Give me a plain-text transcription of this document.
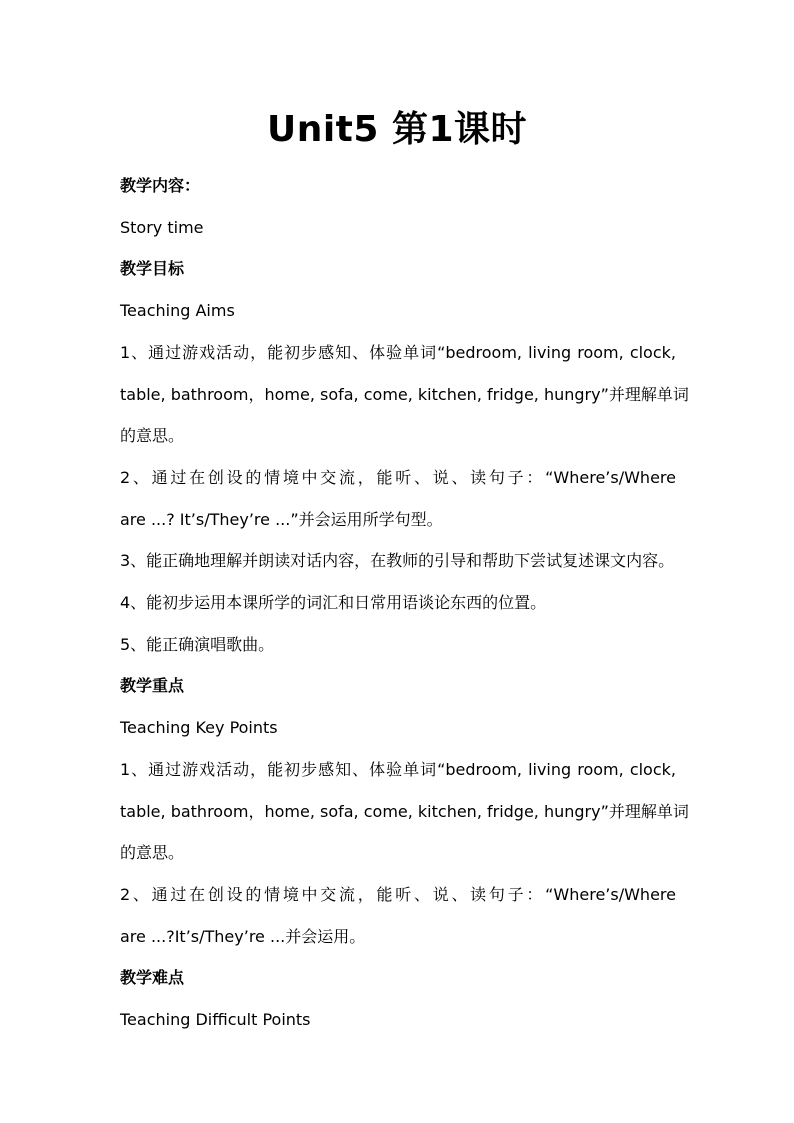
Unit5 第1课时

教学内容：

Story time

教学目标

Teaching Aims

1、通过游戏活动，能初步感知、体验单词“bedroom, living room, clock,

table, bathroom，home, sofa, come, kitchen, fridge, hungry”并理解单词

的意思。

2、通过在创设的情境中交流，能听、说、读句子：“Where’s/Where

are ...? It’s/They’re ...”并会运用所学句型。

3、能正确地理解并朗读对话内容，在教师的引导和帮助下尝试复述课文内容。

4、能初步运用本课所学的词汇和日常用语谈论东西的位置。

5、能正确演唱歌曲。

教学重点

Teaching Key Points

1、通过游戏活动，能初步感知、体验单词“bedroom, living room, clock,

table, bathroom，home, sofa, come, kitchen, fridge, hungry”并理解单词

的意思。

2、通过在创设的情境中交流，能听、说、读句子：“Where’s/Where

are ...?It’s/They’re ...并会运用。

教学难点

Teaching Difficult Points
